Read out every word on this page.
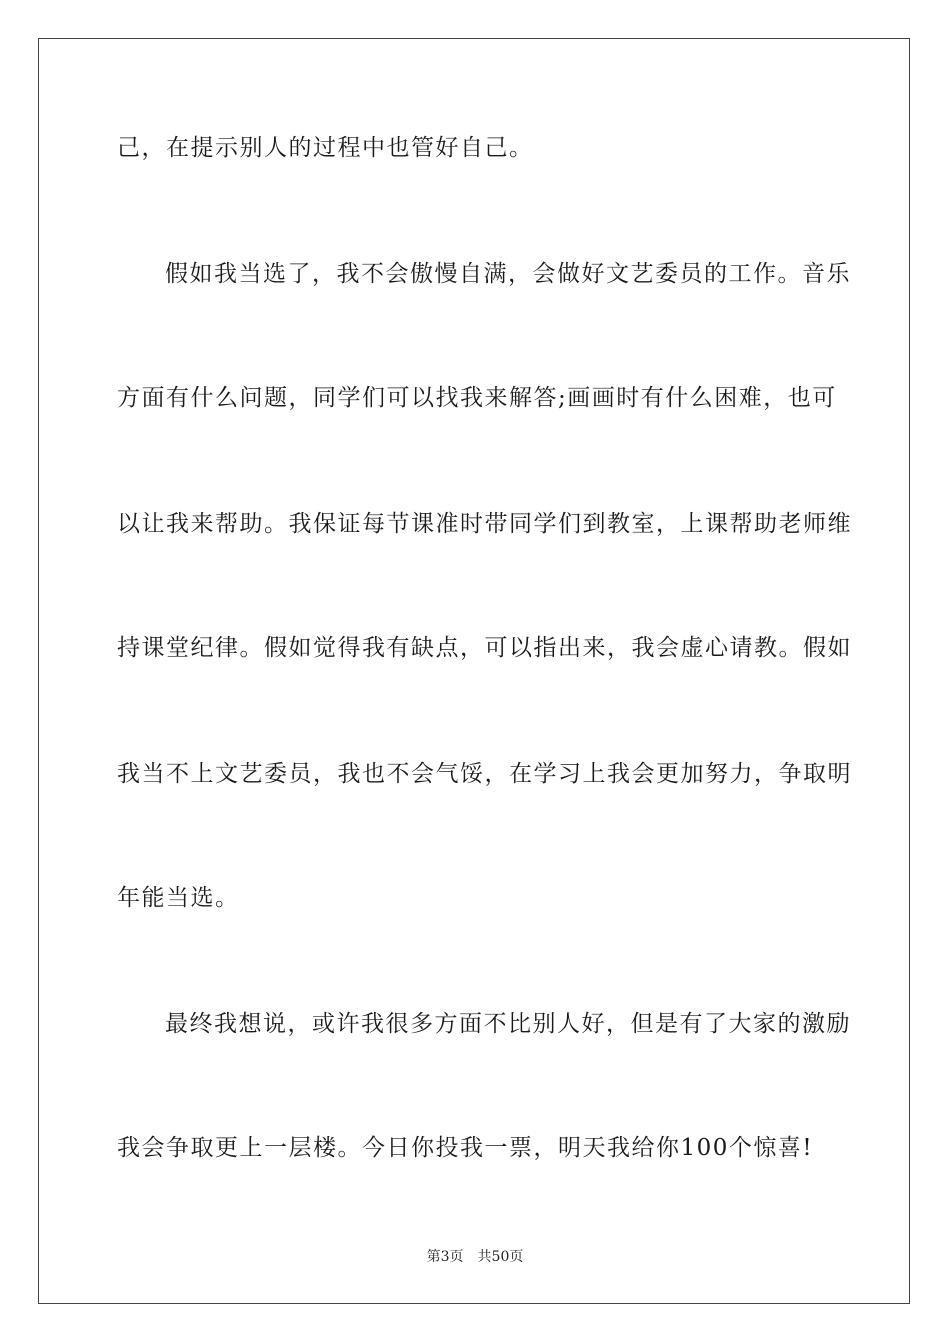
己，在提示别人的过程中也管好自己。
假如我当选了，我不会傲慢自满，会做好文艺委员的工作。音乐
方面有什么问题，同学们可以找我来解答;画画时有什么困难，也可
以让我来帮助。我保证每节课准时带同学们到教室，上课帮助老师维
持课堂纪律。假如觉得我有缺点，可以指出来，我会虚心请教。假如
我当不上文艺委员，我也不会气馁，在学习上我会更加努力，争取明
年能当选。
最终我想说，或许我很多方面不比别人好，但是有了大家的激励
我会争取更上一层楼。今日你投我一票，明天我给你100个惊喜!
第3页 共50页
